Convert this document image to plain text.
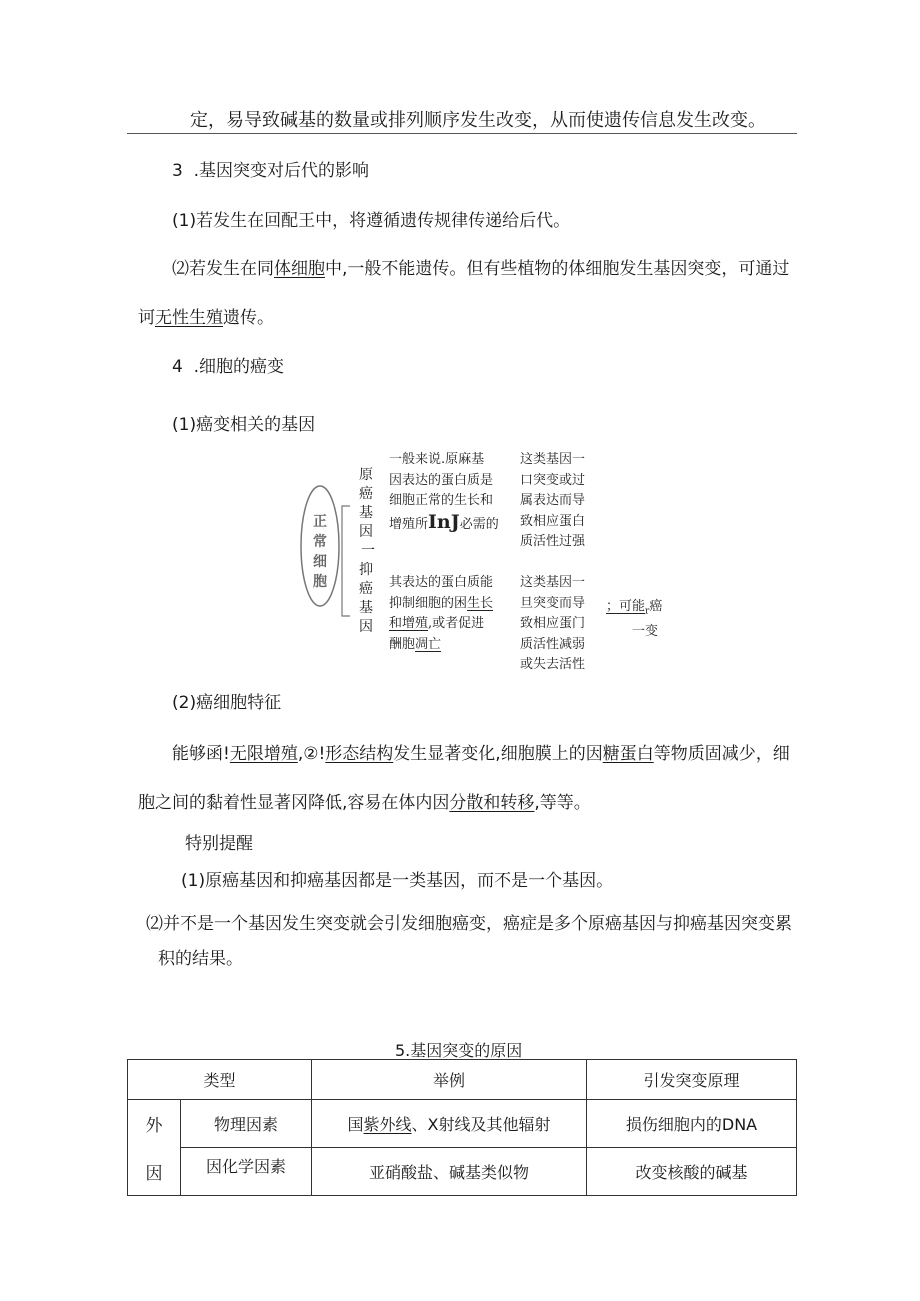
定，易导致碱基的数量或排列顺序发生改变，从而使遗传信息发生改变。
3 .基因突变对后代的影响
(1)若发生在回配王中，将遵循遗传规律传递给后代。
⑵若发生在同体细胞中,一般不能遗传。但有些植物的体细胞发生基因突变，可通过
诃无性生殖遗传。
4 .细胞的癌变
(1)癌变相关的基因
正常细胞
原癌基因
一
抑癌基因
一般来说.原麻基
因表达的蛋白质是
细胞正常的生长和
增殖所InJ必需的
这类基因一
口突变或过
属表达而导
致相应蛋白
质活性过强
其表达的蛋白质能
抑制细胞的困生长
和增殖,或者促进
酬胞凋亡
这类基因一
旦突变而导
致相应蛋门
质活性减弱
或失去活性
；可能$_r$癌
一变
(2)癌细胞特征
能够函!无限增殖,②!形态结构发生显著变化,细胞膜上的因糖蛋白等物质固减少，细
胞之间的黏着性显著冈降低,容易在体内因分散和转移,等等。
特别提醒
(1)原癌基因和抑癌基因都是一类基因，而不是一个基因。
⑵并不是一个基因发生突变就会引发细胞癌变，癌症是多个原癌基因与抑癌基因突变累
积的结果。
5.基因突变的原因
类型		举例	引发突变原理
外	物理因素	国紫外线、X射线及其他辐射	损伤细胞内的DNA
因	因化学因素	亚硝酸盐、碱基类似物	改变核酸的碱基
